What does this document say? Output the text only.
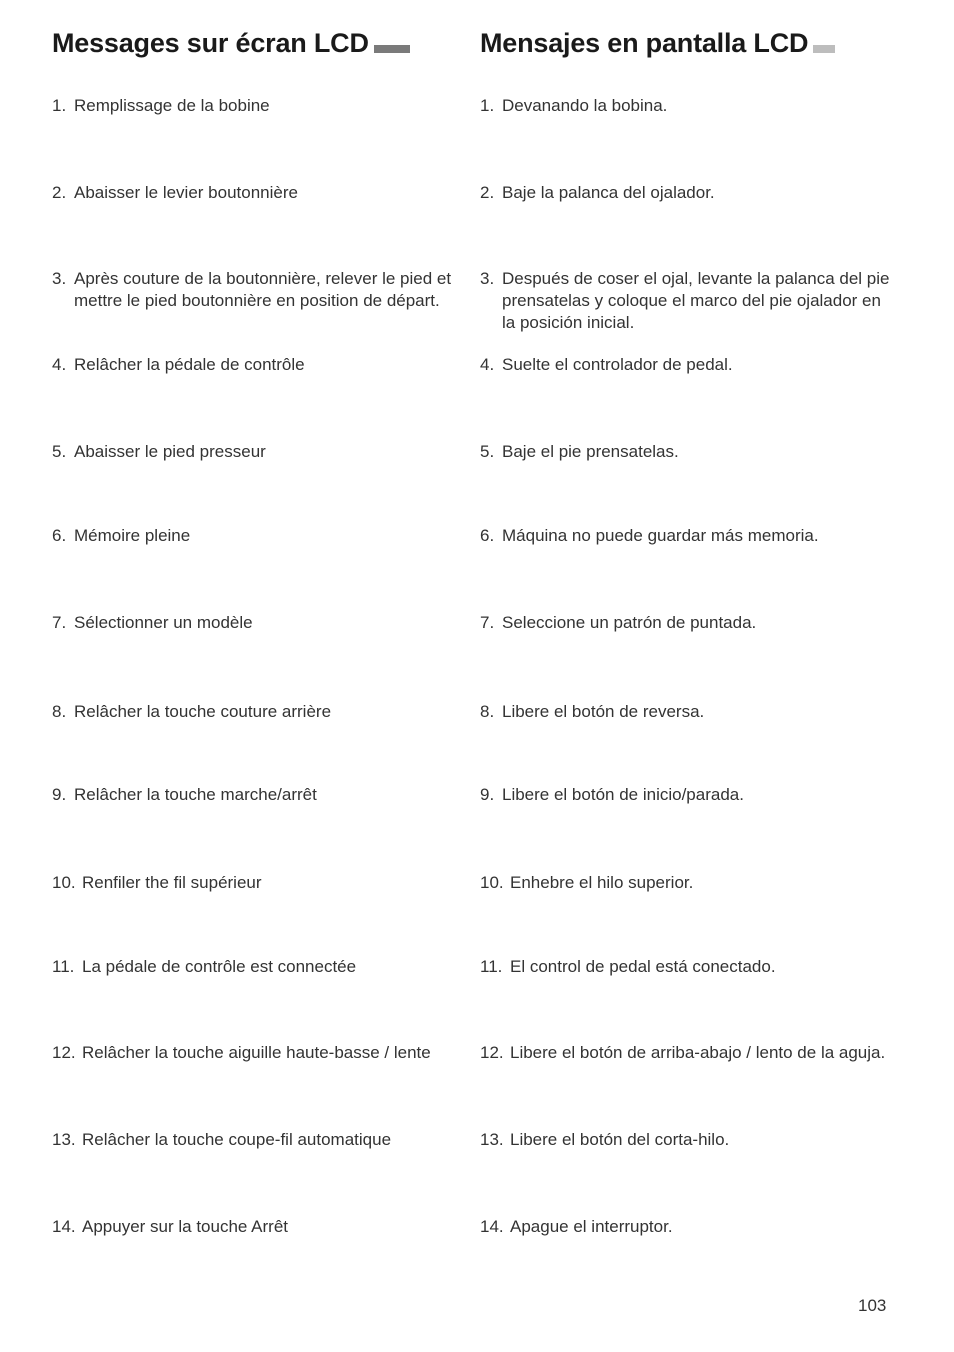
Messages sur écran LCD
1. Remplissage de la bobine
2. Abaisser le levier boutonnière
3. Après couture de la boutonnière, relever le pied et mettre le pied boutonnière en position de départ.
4. Relâcher la pédale de contrôle
5. Abaisser le pied presseur
6. Mémoire pleine
7. Sélectionner un modèle
8. Relâcher la touche couture arrière
9. Relâcher la touche marche/arrêt
10. Renfiler the fil supérieur
11. La pédale de contrôle est connectée
12. Relâcher la touche aiguille haute-basse / lente
13. Relâcher la touche coupe-fil automatique
14. Appuyer sur la touche Arrêt
Mensajes en pantalla LCD
1. Devanando la bobina.
2. Baje la palanca del ojalador.
3. Después de coser el ojal, levante la palanca del pie prensatelas y coloque el marco del pie ojalador en la posición inicial.
4. Suelte el controlador de pedal.
5. Baje el pie prensatelas.
6. Máquina no puede guardar más memoria.
7. Seleccione un patrón de puntada.
8. Libere el botón de reversa.
9. Libere el botón de inicio/parada.
10. Enhebre el hilo superior.
11. El control de pedal está conectado.
12. Libere el botón de arriba-abajo / lento de la aguja.
13. Libere el botón del corta-hilo.
14. Apague el interruptor.
103
